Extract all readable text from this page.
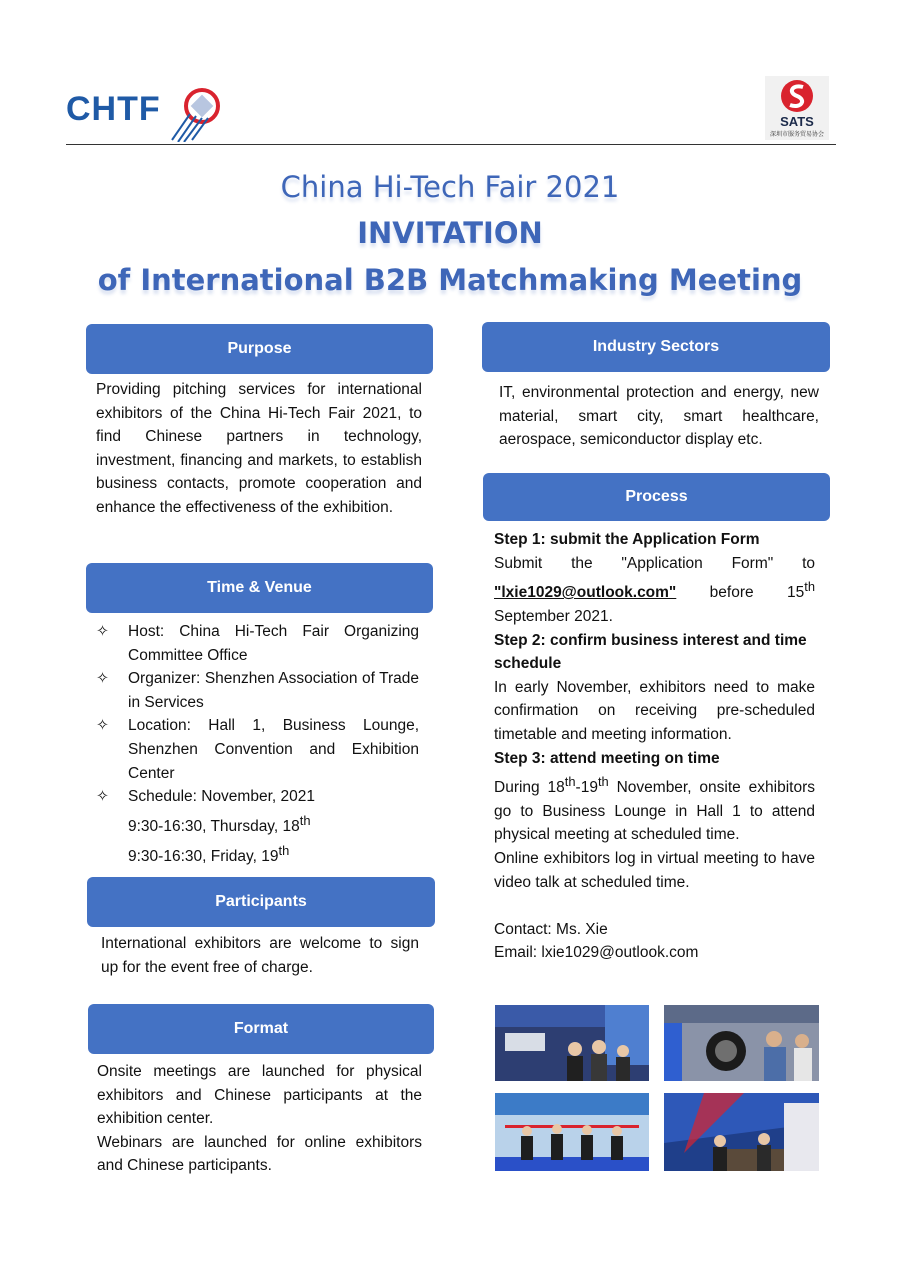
CHTF	SATS
深圳市服务贸易协会
China Hi-Tech Fair 2021
INVITATION
of International B2B Matchmaking Meeting
Purpose
Providing pitching services for international exhibitors of the China Hi-Tech Fair 2021, to find Chinese partners in technology, investment, financing and markets, to establish business contacts, promote cooperation and enhance the effectiveness of the exhibition.
Time & Venue
✧ Host: China Hi-Tech Fair Organizing Committee Office
✧ Organizer: Shenzhen Association of Trade in Services
✧ Location: Hall 1, Business Lounge, Shenzhen Convention and Exhibition Center
✧ Schedule: November, 2021
9:30-16:30, Thursday, 18th
9:30-16:30, Friday, 19th
Participants
International exhibitors are welcome to sign up for the event free of charge.
Format
Onsite meetings are launched for physical exhibitors and Chinese participants at the exhibition center.
Webinars are launched for online exhibitors and Chinese participants.
Industry Sectors
IT, environmental protection and energy, new material, smart city, smart healthcare, aerospace, semiconductor display etc.
Process
Step 1: submit the Application Form
Submit the "Application Form" to
"lxie1029@outlook.com" before 15th
September 2021.
Step 2: confirm business interest and time schedule
In early November, exhibitors need to make confirmation on receiving pre-scheduled timetable and meeting information.
Step 3: attend meeting on time
During 18th-19th November, onsite exhibitors go to Business Lounge in Hall 1 to attend physical meeting at scheduled time.
Online exhibitors log in virtual meeting to have video talk at scheduled time.
Contact: Ms. Xie
Email: lxie1029@outlook.com
